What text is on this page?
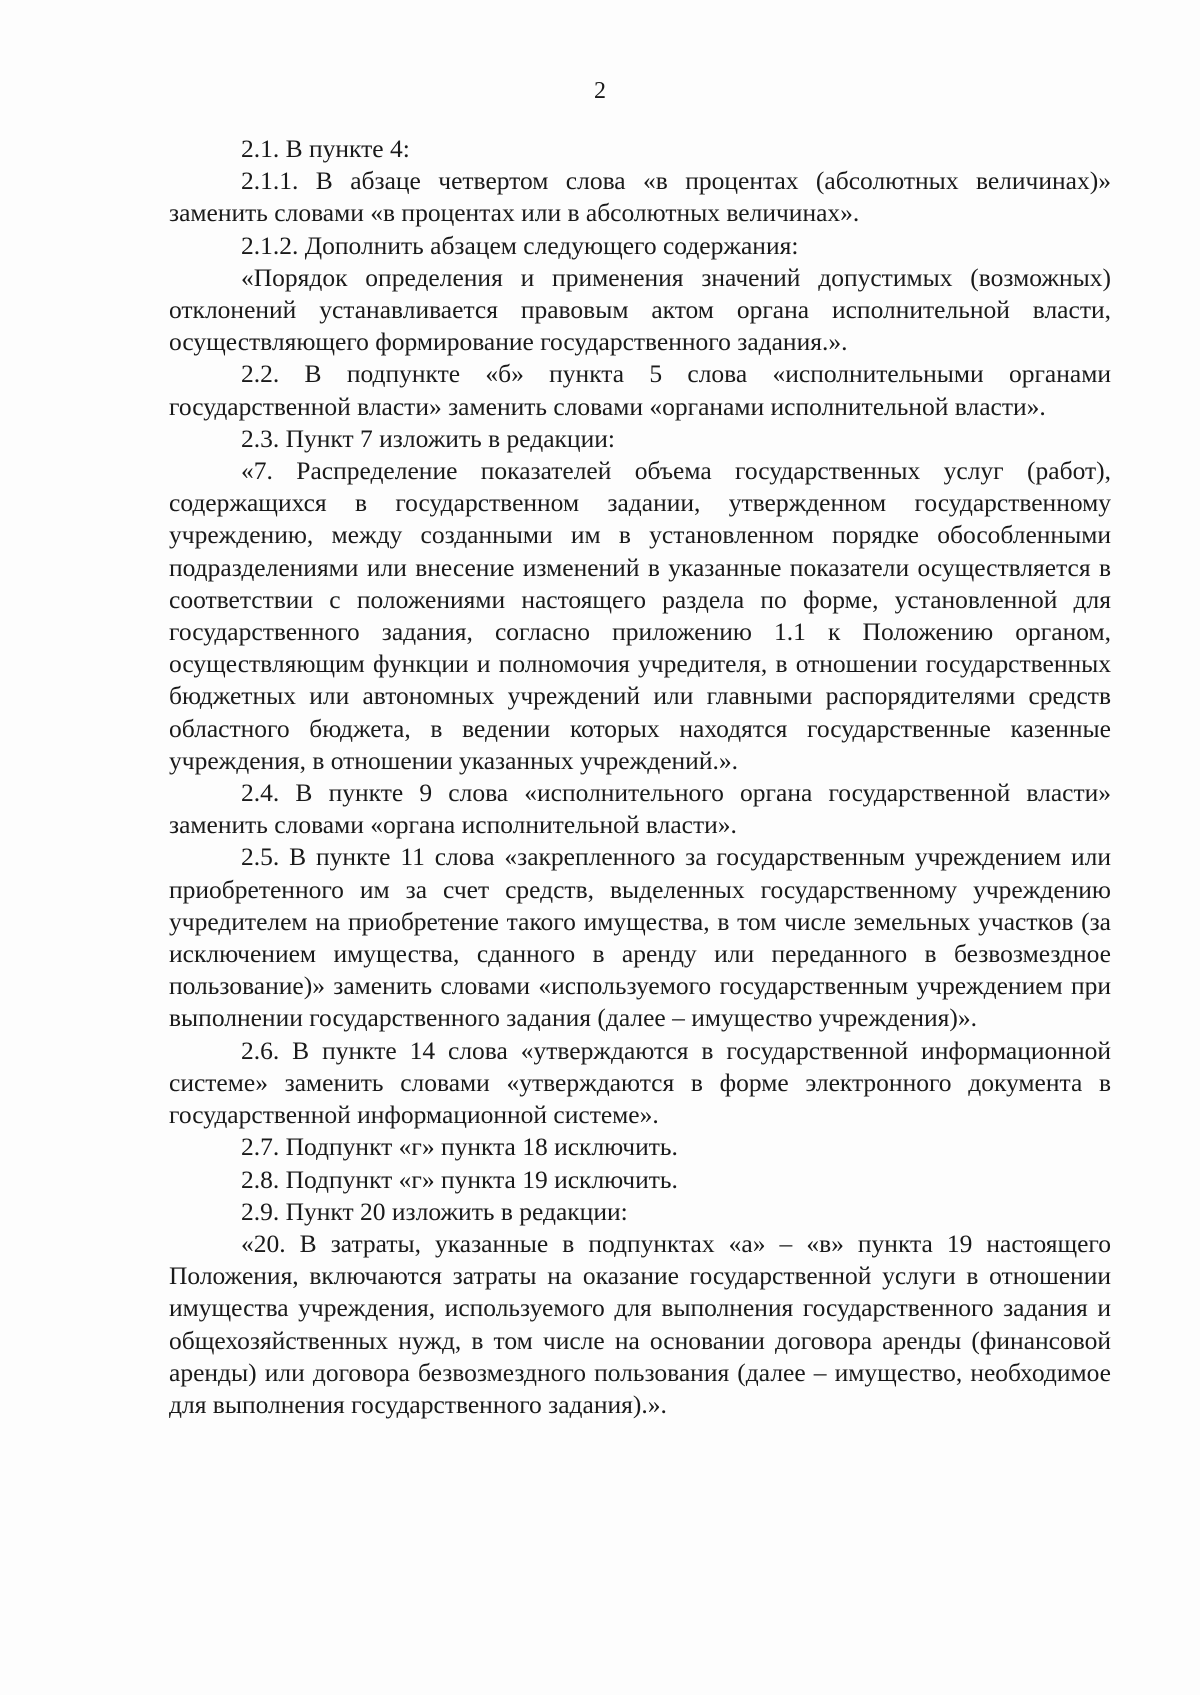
2

2.1. В пункте 4:

2.1.1. В абзаце четвертом слова «в процентах (абсолютных величинах)» заменить словами «в процентах или в абсолютных величинах».

2.1.2. Дополнить абзацем следующего содержания:

«Порядок определения и применения значений допустимых (возможных) отклонений устанавливается правовым актом органа исполнительной власти, осуществляющего формирование государственного задания.».

2.2. В подпункте «б» пункта 5 слова «исполнительными органами государственной власти» заменить словами «органами исполнительной власти».

2.3. Пункт 7 изложить в редакции:

«7. Распределение показателей объема государственных услуг (работ), содержащихся в государственном задании, утвержденном государственному учреждению, между созданными им в установленном порядке обособленными подразделениями или внесение изменений в указанные показатели осуществляется в соответствии с положениями настоящего раздела по форме, установленной для государственного задания, согласно приложению 1.1 к Положению органом, осуществляющим функции и полномочия учредителя, в отношении государственных бюджетных или автономных учреждений или главными распорядителями средств областного бюджета, в ведении которых находятся государственные казенные учреждения, в отношении указанных учреждений.».

2.4. В пункте 9 слова «исполнительного органа государственной власти» заменить словами «органа исполнительной власти».

2.5. В пункте 11 слова «закрепленного за государственным учреждением или приобретенного им за счет средств, выделенных государственному учреждению учредителем на приобретение такого имущества, в том числе земельных участков (за исключением имущества, сданного в аренду или переданного в безвозмездное пользование)» заменить словами «используемого государственным учреждением при выполнении государственного задания (далее – имущество учреждения)».

2.6. В пункте 14 слова «утверждаются в государственной информационной системе» заменить словами «утверждаются в форме электронного документа в государственной информационной системе».

2.7. Подпункт «г» пункта 18 исключить.

2.8. Подпункт «г» пункта 19 исключить.

2.9. Пункт 20 изложить в редакции:

«20. В затраты, указанные в подпунктах «а» – «в» пункта 19 настоящего Положения, включаются затраты на оказание государственной услуги в отношении имущества учреждения, используемого для выполнения государственного задания и общехозяйственных нужд, в том числе на основании договора аренды (финансовой аренды) или договора безвозмездного пользования (далее – имущество, необходимое для выполнения государственного задания).».
